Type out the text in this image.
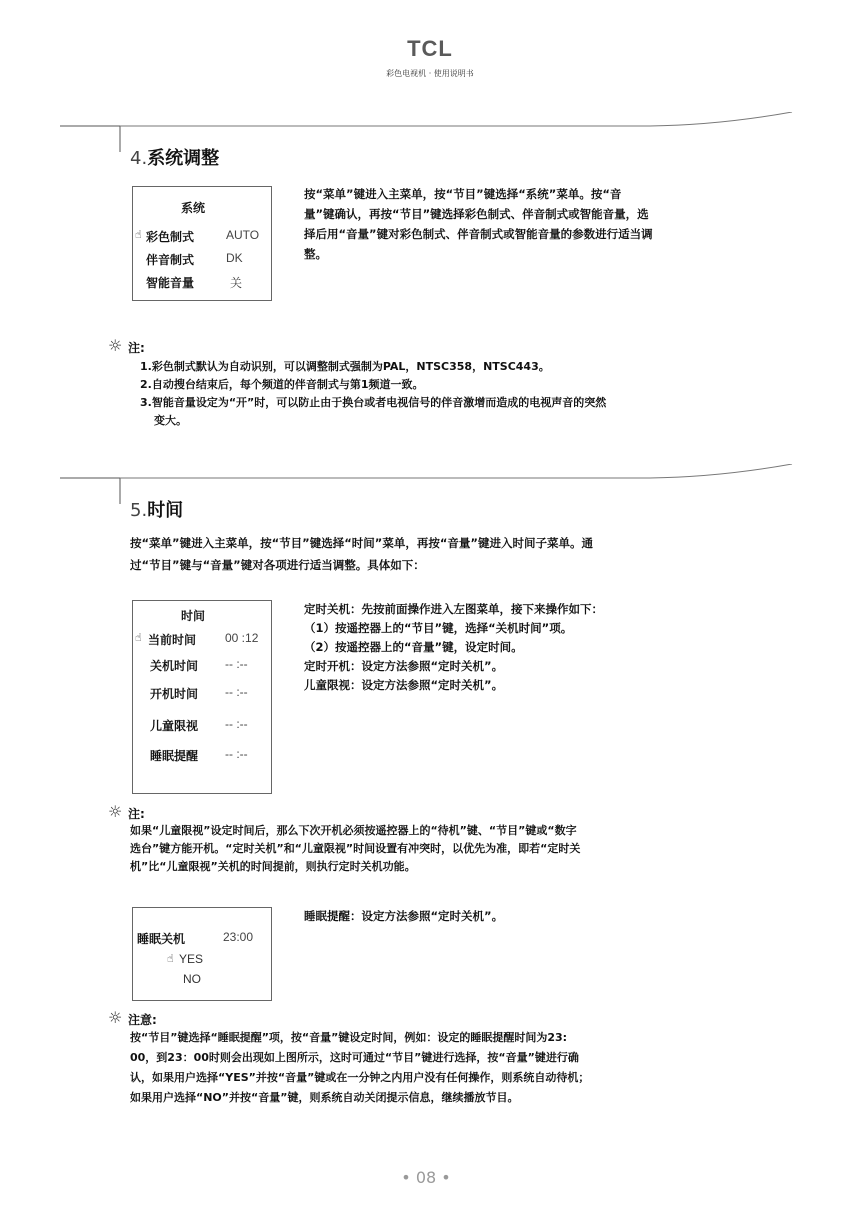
TCL
彩色电视机 · 使用说明书
4.系统调整
系统
☝ 彩色制式	AUTO
伴音制式	DK
智能音量	关
按“菜单”键进入主菜单，按“节目”键选择“系统”菜单。按“音
量”键确认，再按“节目”键选择彩色制式、伴音制式或智能音量，选
择后用“音量”键对彩色制式、伴音制式或智能音量的参数进行适当调
整。
☼ 注:
1.彩色制式默认为自动识别，可以调整制式强制为PAL，NTSC358，NTSC443。
2.自动搜台结束后，每个频道的伴音制式与第1频道一致。
3.智能音量设定为“开”时，可以防止由于换台或者电视信号的伴音激增而造成的电视声音的突然
变大。
5.时间
按“菜单”键进入主菜单，按“节目”键选择“时间”菜单，再按“音量”键进入时间子菜单。通
过“节目”键与“音量”键对各项进行适当调整。具体如下：
时间
☝ 当前时间 00 :12
关机时间 -- :--
开机时间 -- :--
儿童限视 -- :--
睡眠提醒 -- :--
定时关机：先按前面操作进入左图菜单，接下来操作如下：
（1）按遥控器上的“节目”键，选择“关机时间”项。
（2）按遥控器上的“音量”键，设定时间。
定时开机：设定方法参照“定时关机”。
儿童限视：设定方法参照“定时关机”。
☼ 注:
如果“儿童限视”设定时间后，那么下次开机必须按遥控器上的“待机”键、“节目”键或“数字
选台”键方能开机。“定时关机”和“儿童限视”时间设置有冲突时，以优先为准，即若“定时关
机”比“儿童限视”关机的时间提前，则执行定时关机功能。
睡眠关机	23:00
☝ YES
NO
睡眠提醒：设定方法参照“定时关机”。
☼ 注意:
按“节目”键选择“睡眠提醒”项，按“音量”键设定时间，例如：设定的睡眠提醒时间为23:
00，到23：00时则会出现如上图所示，这时可通过“节目”键进行选择，按“音量”键进行确
认，如果用户选择“YES”并按“音量”键或在一分钟之内用户没有任何操作，则系统自动待机；
如果用户选择“NO”并按“音量”键，则系统自动关闭提示信息，继续播放节目。
• 08 •
